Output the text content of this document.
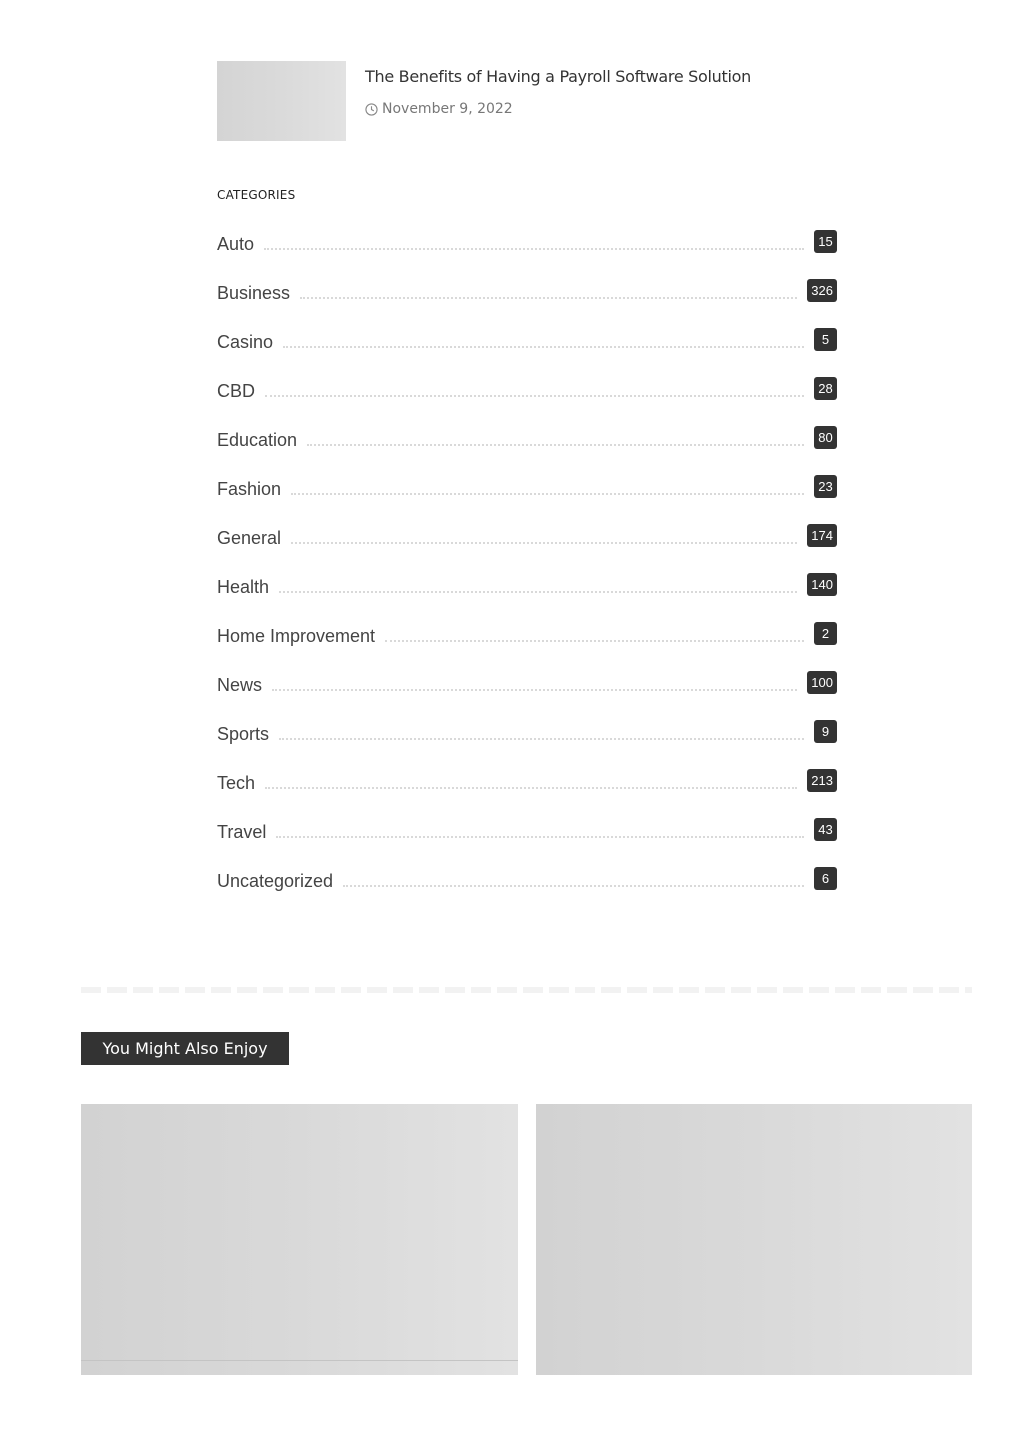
The Benefits of Having a Payroll Software Solution
November 9, 2022
CATEGORIES
Auto	15
Business	326
Casino	5
CBD	28
Education	80
Fashion	23
General	174
Health	140
Home Improvement	2
News	100
Sports	9
Tech	213
Travel	43
Uncategorized	6
You Might Also Enjoy
